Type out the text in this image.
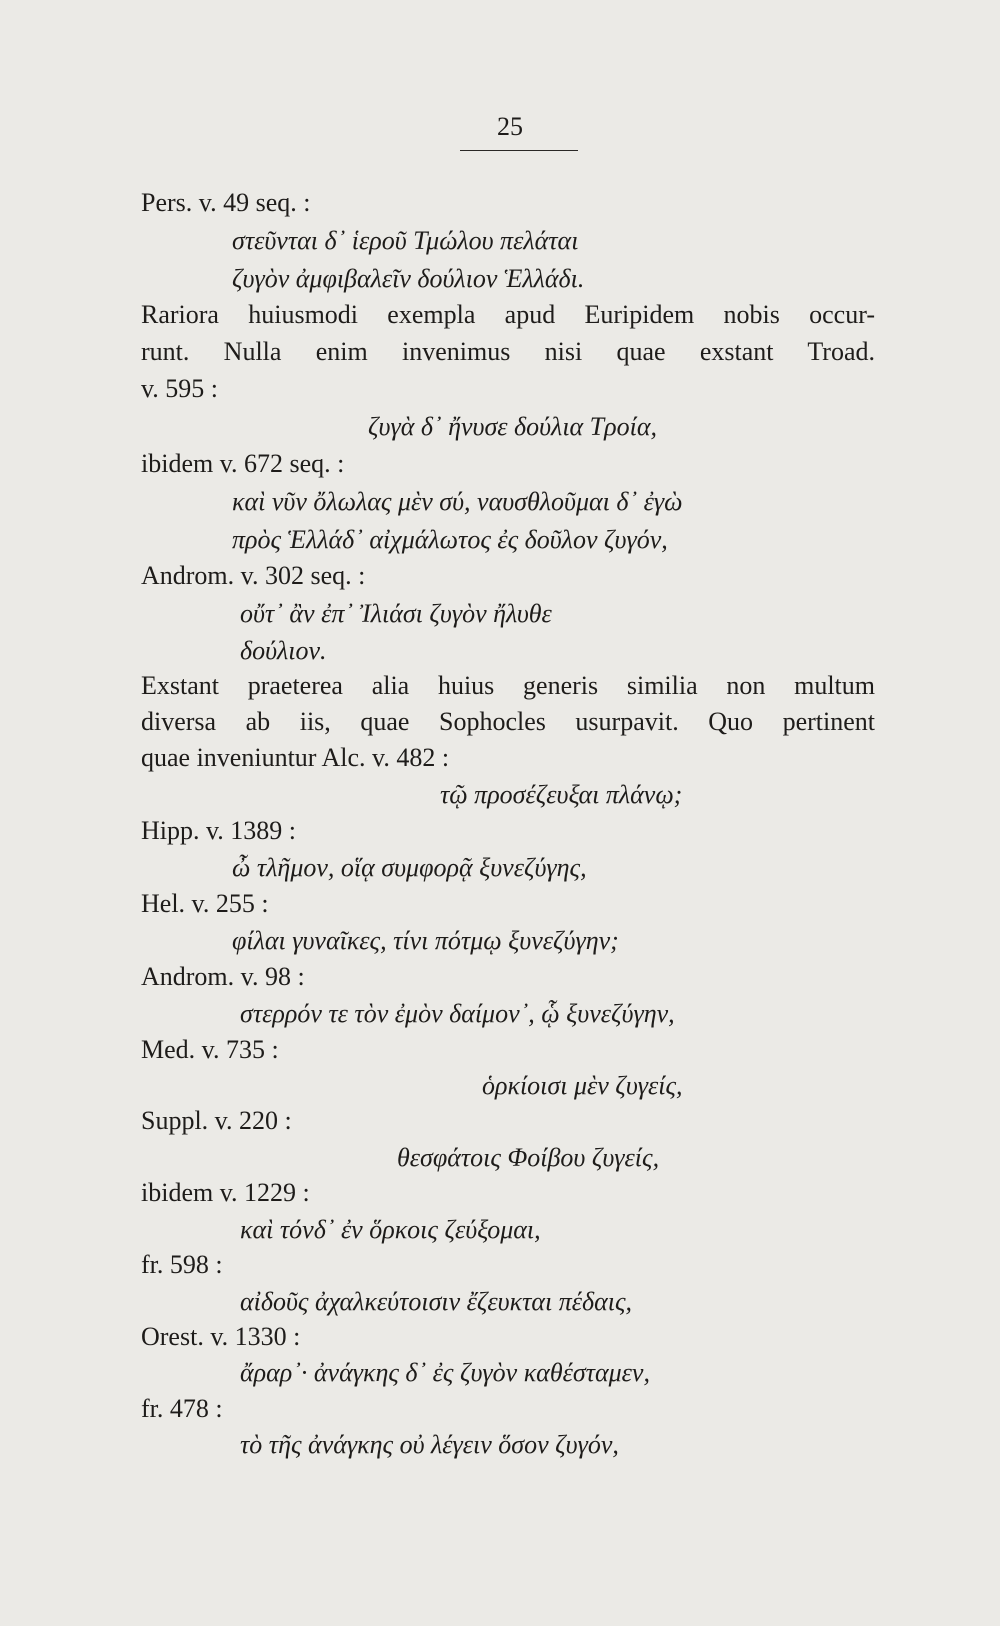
25
Pers. v. 49 seq. :
στεῦνται δ᾽ ἱεροῦ Τμώλου πελάται
ζυγὸν ἀμφιβαλεῖν δούλιον Ἑλλάδι.
Rariora huiusmodi exempla apud Euripidem nobis occur-
runt. Nulla enim invenimus nisi quae exstant Troad.
v. 595 :
ζυγὰ δ᾽ ἤνυσε δούλια Τροία,
ibidem v. 672 seq. :
καὶ νῦν ὄλωλας μὲν σύ, ναυσθλοῦμαι δ᾽ ἐγὼ
πρὸς Ἑλλάδ᾽ αἰχμάλωτος ἐς δοῦλον ζυγόν,
Androm. v. 302 seq. :
οὔτ᾽ ἂν ἐπ᾽ Ἰλιάσι ζυγὸν ἤλυθε
δούλιον.
Exstant praeterea alia huius generis similia non multum
diversa ab iis, quae Sophocles usurpavit. Quo pertinent
quae inveniuntur Alc. v. 482 :
τῷ προσέζευξαι πλάνῳ;
Hipp. v. 1389 :
ὦ τλῆμον, οἵᾳ συμφορᾷ ξυνεζύγης,
Hel. v. 255 :
φίλαι γυναῖκες, τίνι πότμῳ ξυνεζύγην;
Androm. v. 98 :
στερρόν τε τὸν ἐμὸν δαίμον᾽, ᾧ ξυνεζύγην,
Med. v. 735 :
ὁρκίοισι μὲν ζυγείς,
Suppl. v. 220 :
θεσφάτοις Φοίβου ζυγείς,
ibidem v. 1229 :
καὶ τόνδ᾽ ἐν ὅρκοις ζεύξομαι,
fr. 598 :
αἰδοῦς ἀχαλκεύτοισιν ἔζευκται πέδαις,
Orest. v. 1330 :
ἄραρ᾽· ἀνάγκης δ᾽ ἐς ζυγὸν καθέσταμεν,
fr. 478 :
τὸ τῆς ἀνάγκης οὐ λέγειν ὅσον ζυγόν,
